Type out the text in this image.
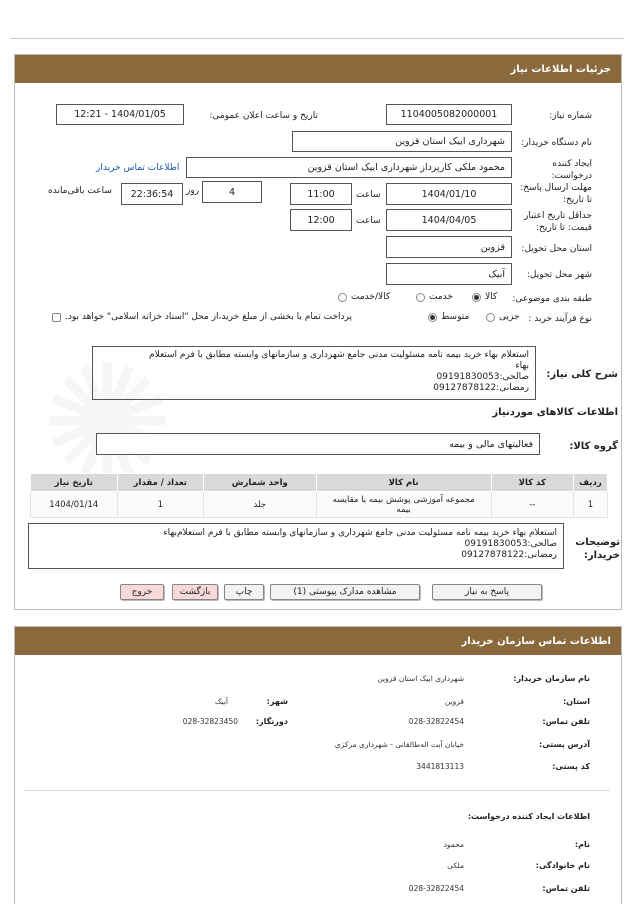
جزئیات اطلاعات نیاز
شماره نیاز:
1104005082000001
تاریخ و ساعت اعلان عمومی:
1404/01/05 - 12:21
نام دستگاه خریدار:
شهرداری ابیک استان قزوین
ایجاد کننده درخواست:
محمود ملکی کارپرداز شهرداری ابیک استان قزوین
اطلاعات تماس خریدار
مهلت ارسال پاسخ: تا تاریخ:
1404/01/10
ساعت
11:00
4
روز
22:36:54
ساعت باقی‌مانده
حداقل تاریخ اعتبار قیمت: تا تاریخ:
1404/04/05
ساعت
12:00
استان محل تحویل:
قزوین
شهر محل تحویل:
آبیک
طبقه بندی موضوعی:
کالا
خدمت
کالا/خدمت
نوع فرآیند خرید :
جزیی
متوسط
پرداخت تمام یا بخشی از مبلغ خرید،از محل "اسناد خزانه اسلامی" خواهد بود.
شرح کلی نیاز:
استعلام بهاء خرید بیمه نامه مسئولیت مدنی جامع شهرداری و سازمانهای وابسته مطابق با فرم استعلام
بهاء
صالحی:09191830053
رمضانی:09127878122
اطلاعات کالاهای موردنیاز
گروه کالا:
فعالیتهای مالی و بیمه
ردیف	کد کالا	نام کالا	واحد شمارش	تعداد / مقدار	تاریخ نیاز
1	--	مجموعه آموزشی پوشش بیمه یا مقایسه
بیمه	جلد	1	1404/01/14
توضیحات خریدار:
استعلام بهاء خرید بیمه نامه مسئولیت مدنی جامع شهرداری و سازمانهای وابسته مطابق با فرم استعلام‌بهاء
صالحی:09191830053
رمضانی:09127878122
پاسخ به نیاز
مشاهده مدارک پیوستی (1)
چاپ
بازگشت
خروج
اطلاعات تماس سازمان خریدار
نام سازمان خریدار:
شهرداری ابیک استان قزوین
استان:
قزوین
شهر:
آبیک
تلفن تماس:
028-32822454
دورنگار:
028-32823450
آدرس پستی:
خیابان آیت اله‌طالقانی - شهرداری مرکزی
کد پستی:
3441813113
اطلاعات ایجاد کننده درخواست:
نام:
محمود
نام خانوادگی:
ملکی
تلفن تماس:
028-32822454
